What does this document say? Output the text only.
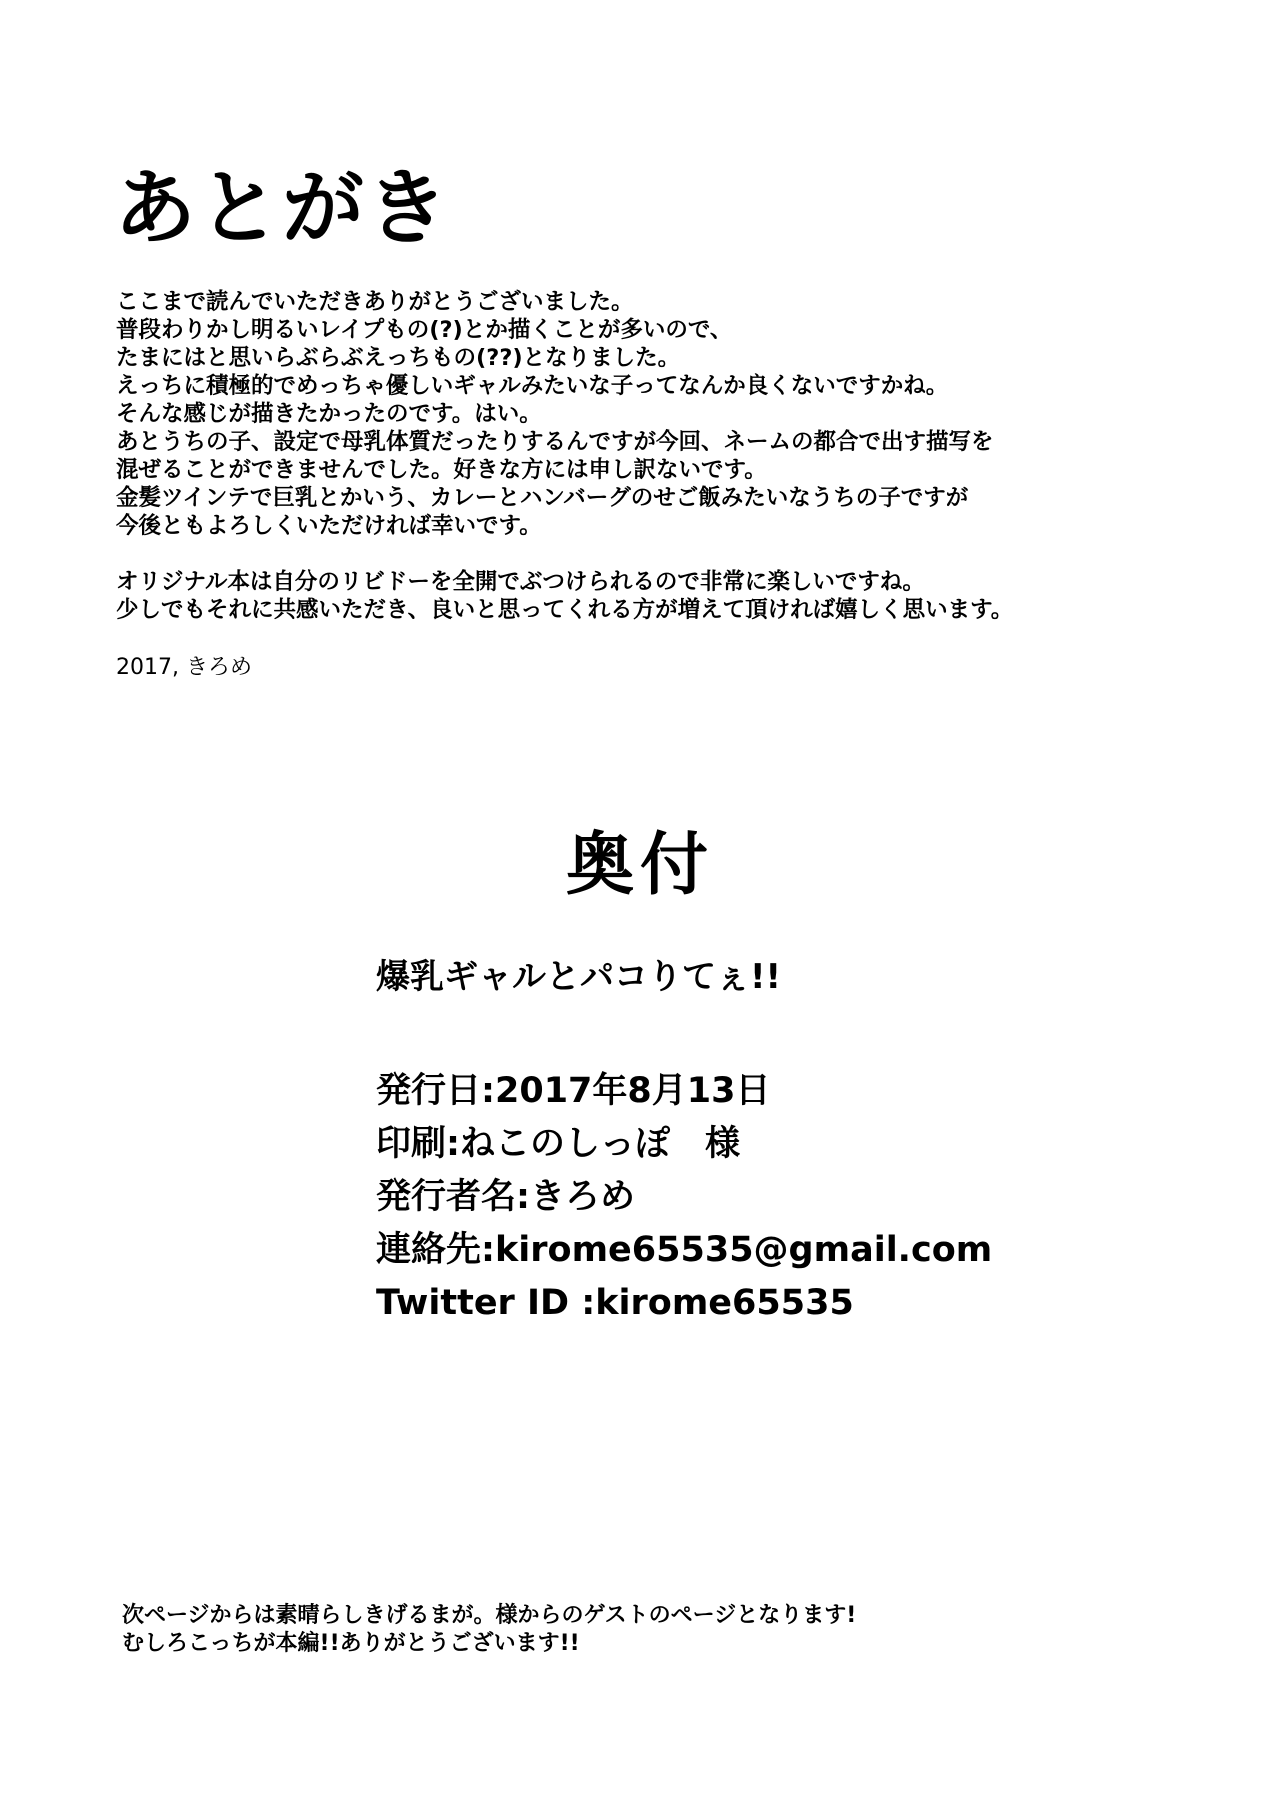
あとがき
ここまで読んでいただきありがとうございました。
普段わりかし明るいレイプもの(?)とか描くことが多いので、
たまにはと思いらぶらぶえっちもの(??)となりました。
えっちに積極的でめっちゃ優しいギャルみたいな子ってなんか良くないですかね。
そんな感じが描きたかったのです。はい。
あとうちの子、設定で母乳体質だったりするんですが今回、ネームの都合で出す描写を
混ぜることができませんでした。好きな方には申し訳ないです。
金髪ツインテで巨乳とかいう、カレーとハンバーグのせご飯みたいなうちの子ですが
今後ともよろしくいただければ幸いです。
オリジナル本は自分のリビドーを全開でぶつけられるので非常に楽しいですね。
少しでもそれに共感いただき、良いと思ってくれる方が増えて頂ければ嬉しく思います。
2017, きろめ
奥付
爆乳ギャルとパコりてぇ!!
発行日:2017年8月13日
印刷:ねこのしっぽ　様
発行者名:きろめ
連絡先:kirome65535@gmail.com
Twitter ID :kirome65535
次ページからは素晴らしきげるまが。様からのゲストのページとなります!
むしろこっちが本編!!ありがとうございます!!
